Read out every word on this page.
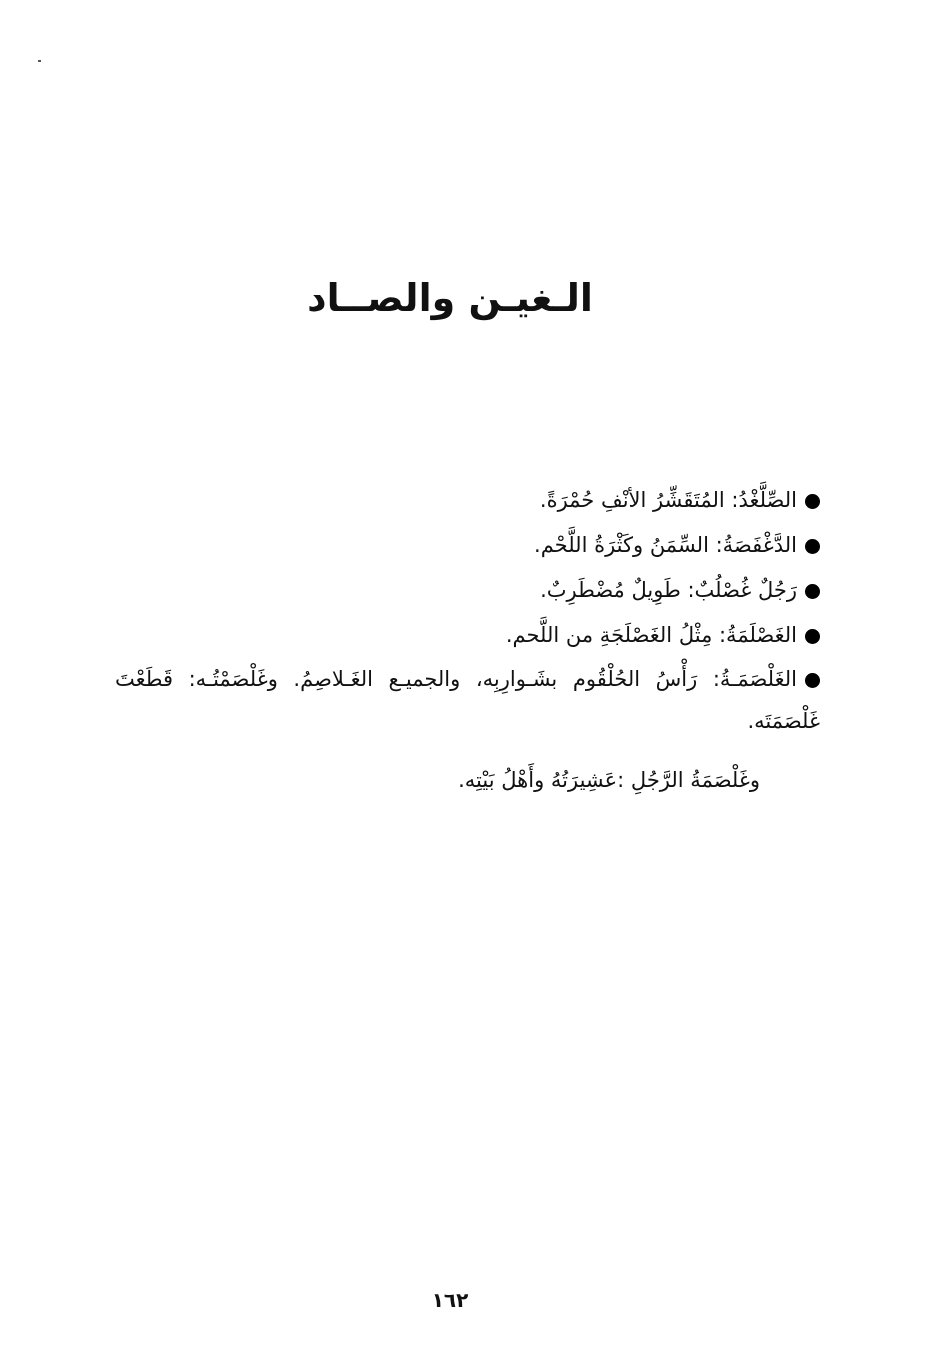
الـغيـن والصــاد
الصِّلَّغْدُ: المُتَقَشِّرُ الأنْفِ حُمْرَةً.
الدَّغْفَصَةُ: السِّمَنُ وكَثْرَةُ اللَّحْم.
رَجُلٌ غُصْلُبٌ: طَوِيلٌ مُضْطَرِبٌ.
الغَصْلَمَةُ: مِثْلُ الغَصْلَجَةِ من اللَّحم.
الغَلْصَمَـةُ: رَأْسُ الحُلْقُوم بشَـوارِبِه، والجميـع الغَـلاصِمُ. وغَلْصَمْتُـه: قَطَعْتَ غَلْصَمَتَه.

وغَلْصَمَةُ الرَّجُلِ :عَشِيرَتُهُ وأَهْلُ بَيْتِه.

١٦٢
